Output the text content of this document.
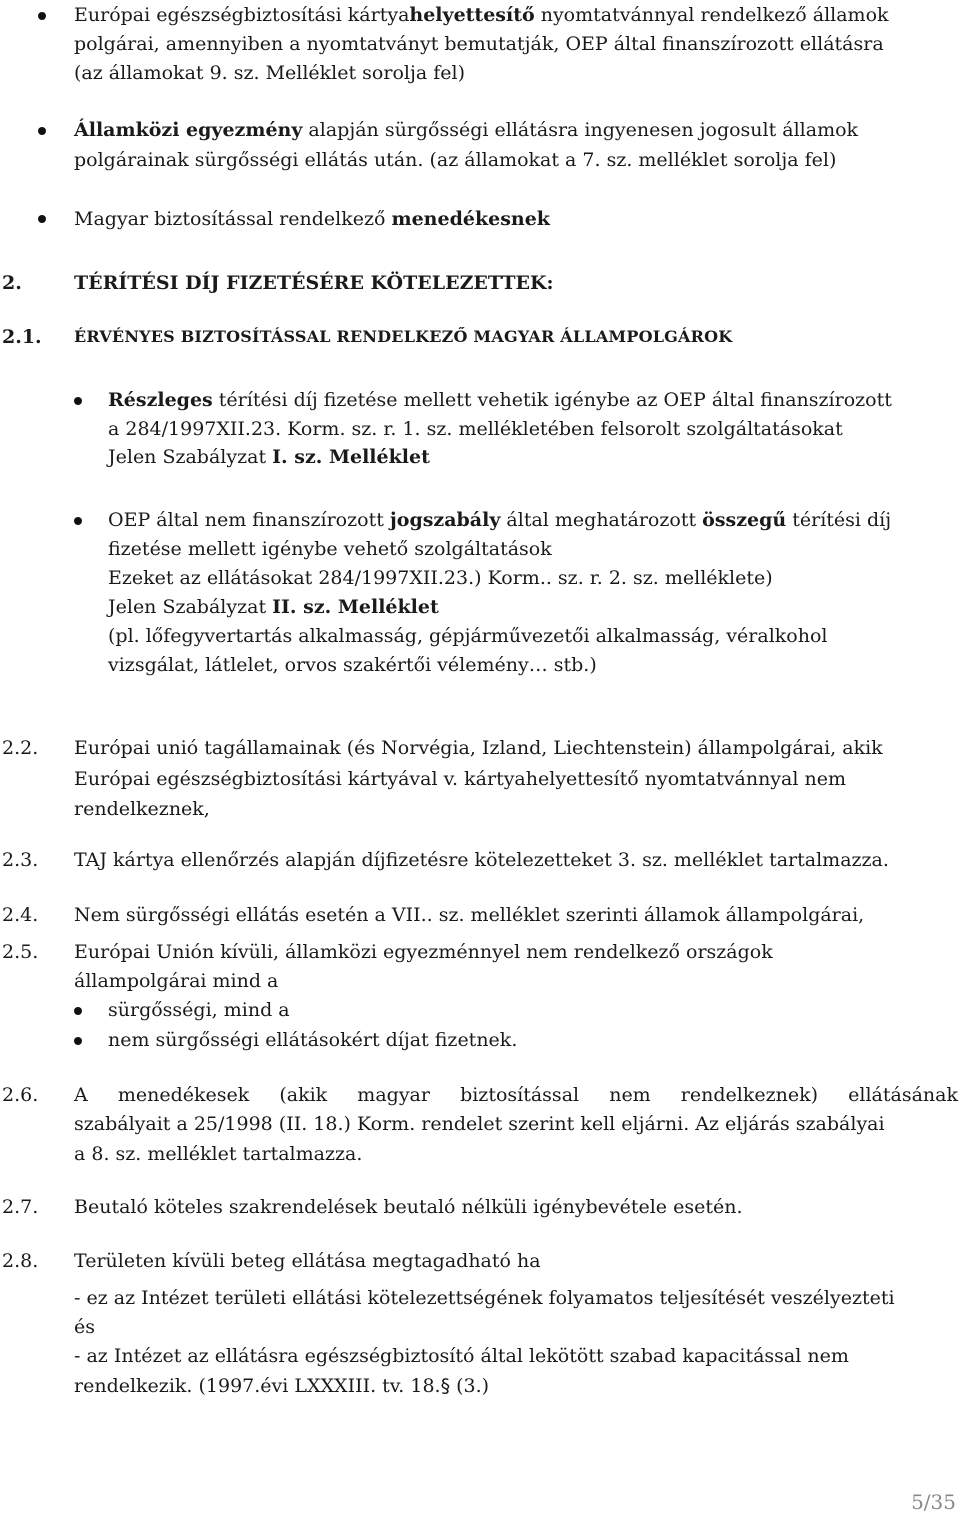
Európai egészségbiztosítási kártyahelyettesítő nyomtatvánnyal rendelkező államok
polgárai, amennyiben a nyomtatványt bemutatják, OEP által finanszírozott ellátásra
(az államokat 9. sz. Melléklet sorolja fel)
Államközi egyezmény alapján sürgősségi ellátásra ingyenesen jogosult államok
polgárainak sürgősségi ellátás után. (az államokat a 7. sz. melléklet sorolja fel)
Magyar biztosítással rendelkező menedékesnek
2.	TÉRÍTÉSI DÍJ FIZETÉSÉRE KÖTELEZETTEK:
2.1. ÉRVÉNYES BIZTOSÍTÁSSAL RENDELKEZŐ MAGYAR ÁLLAMPOLGÁROK
Részleges térítési díj fizetése mellett vehetik igénybe az OEP által finanszírozott
a 284/1997XII.23. Korm. sz. r. 1. sz. mellékletében felsorolt szolgáltatásokat
Jelen Szabályzat I. sz. Melléklet
OEP által nem finanszírozott jogszabály által meghatározott összegű térítési díj
fizetése mellett igénybe vehető szolgáltatások
Ezeket az ellátásokat 284/1997XII.23.) Korm.. sz. r. 2. sz. melléklete)
Jelen Szabályzat II. sz. Melléklet
(pl. lőfegyvertartás alkalmasság, gépjárművezetői alkalmasság, véralkohol
vizsgálat, látlelet, orvos szakértői vélemény… stb.)
2.2. Európai unió tagállamainak (és Norvégia, Izland, Liechtenstein) állampolgárai, akik
Európai egészségbiztosítási kártyával v. kártyahelyettesítő nyomtatvánnyal nem
rendelkeznek,
2.3. TAJ kártya ellenőrzés alapján díjfizetésre kötelezetteket 3. sz. melléklet tartalmazza.
2.4. Nem sürgősségi ellátás esetén a VII.. sz. melléklet szerinti államok állampolgárai,
2.5. Európai Unión kívüli, államközi egyezménnyel nem rendelkező országok
állampolgárai mind a
sürgősségi, mind a
nem sürgősségi ellátásokért díjat fizetnek.
2.6. A menedékesek (akik magyar biztosítással nem rendelkeznek) ellátásának
szabályait a 25/1998 (II. 18.) Korm. rendelet szerint kell eljárni. Az eljárás szabályai
a 8. sz. melléklet tartalmazza.
2.7. Beutaló köteles szakrendelések beutaló nélküli igénybevétele esetén.
2.8. Területen kívüli beteg ellátása megtagadható ha
- ez az Intézet területi ellátási kötelezettségének folyamatos teljesítését veszélyezteti
és
- az Intézet az ellátásra egészségbiztosító által lekötött szabad kapacitással nem
rendelkezik. (1997.évi LXXXIII. tv. 18.§ (3.)
5/35
